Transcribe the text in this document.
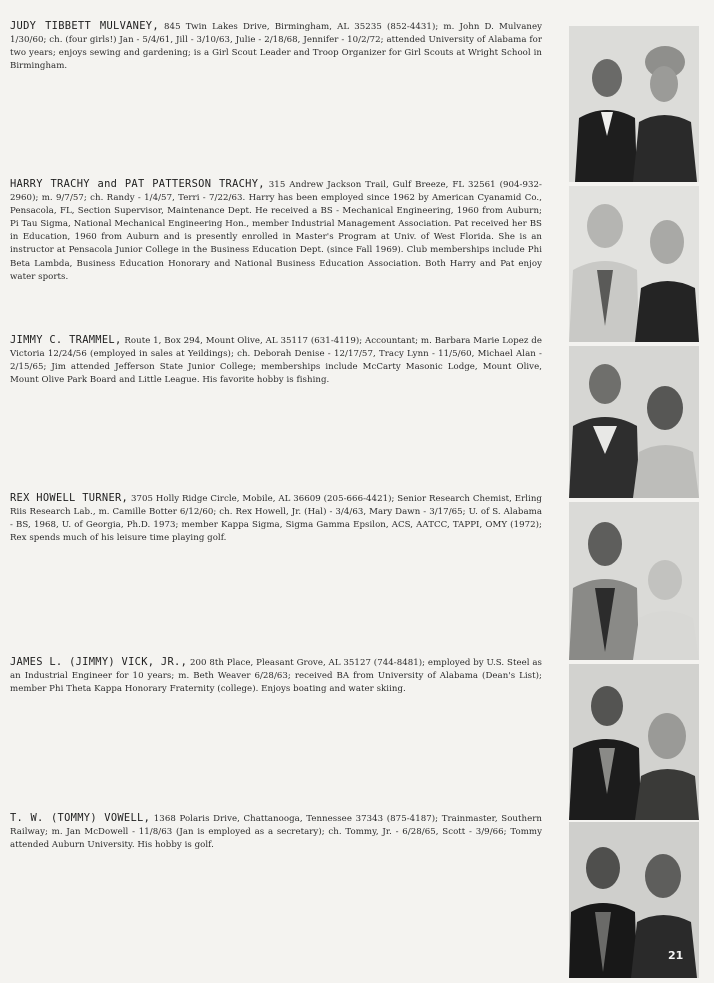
JUDY TIBBETT MULVANEY, 845 Twin Lakes Drive, Birmingham, AL 35235 (852-4431); m. John D. Mulvaney 1/30/60; ch. (four girls!) Jan - 5/4/61, Jill - 3/10/63, Julie - 2/18/68, Jennifer - 10/2/72; attended University of Alabama for two years; enjoys sewing and gardening; is a Girl Scout Leader and Troop Organizer for Girl Scouts at Wright School in Birmingham.
HARRY TRACHY and PAT PATTERSON TRACHY, 315 Andrew Jackson Trail, Gulf Breeze, FL 32561 (904-932-2960); m. 9/7/57; ch. Randy - 1/4/57, Terri - 7/22/63. Harry has been employed since 1962 by American Cyanamid Co., Pensacola, FL, Section Supervisor, Maintenance Dept. He received a BS - Mechanical Engineering, 1960 from Auburn; Pi Tau Sigma, National Mechanical Engineering Hon., member Industrial Management Association. Pat received her BS in Education, 1960 from Auburn and is presently enrolled in Master's Program at Univ. of West Florida. She is an instructor at Pensacola Junior College in the Business Education Dept. (since Fall 1969). Club memberships include Phi Beta Lambda, Business Education Honorary and National Business Education Association. Both Harry and Pat enjoy water sports.
JIMMY C. TRAMMEL, Route 1, Box 294, Mount Olive, AL 35117 (631-4119); Accountant; m. Barbara Marie Lopez de Victoria 12/24/56 (employed in sales at Yeildings); ch. Deborah Denise - 12/17/57, Tracy Lynn - 11/5/60, Michael Alan - 2/15/65; Jim attended Jefferson State Junior College; memberships include McCarty Masonic Lodge, Mount Olive, Mount Olive Park Board and Little League. His favorite hobby is fishing.
REX HOWELL TURNER, 3705 Holly Ridge Circle, Mobile, AL 36609 (205-666-4421); Senior Research Chemist, Erling Riis Research Lab., m. Camille Botter 6/12/60; ch. Rex Howell, Jr. (Hal) - 3/4/63, Mary Dawn - 3/17/65; U. of S. Alabama - BS, 1968, U. of Georgia, Ph.D. 1973; member Kappa Sigma, Sigma Gamma Epsilon, ACS, AATCC, TAPPI, OMY (1972); Rex spends much of his leisure time playing golf.
JAMES L. (JIMMY) VICK, JR., 200 8th Place, Pleasant Grove, AL 35127 (744-8481); employed by U.S. Steel as an Industrial Engineer for 10 years; m. Beth Weaver 6/28/63; received BA from University of Alabama (Dean's List); member Phi Theta Kappa Honorary Fraternity (college). Enjoys boating and water skiing.
T. W. (TOMMY) VOWELL, 1368 Polaris Drive, Chattanooga, Tennessee 37343 (875-4187); Trainmaster, Southern Railway; m. Jan McDowell - 11/8/63 (Jan is employed as a secretary); ch. Tommy, Jr. - 6/28/65, Scott - 3/9/66; Tommy attended Auburn University. His hobby is golf.
21
